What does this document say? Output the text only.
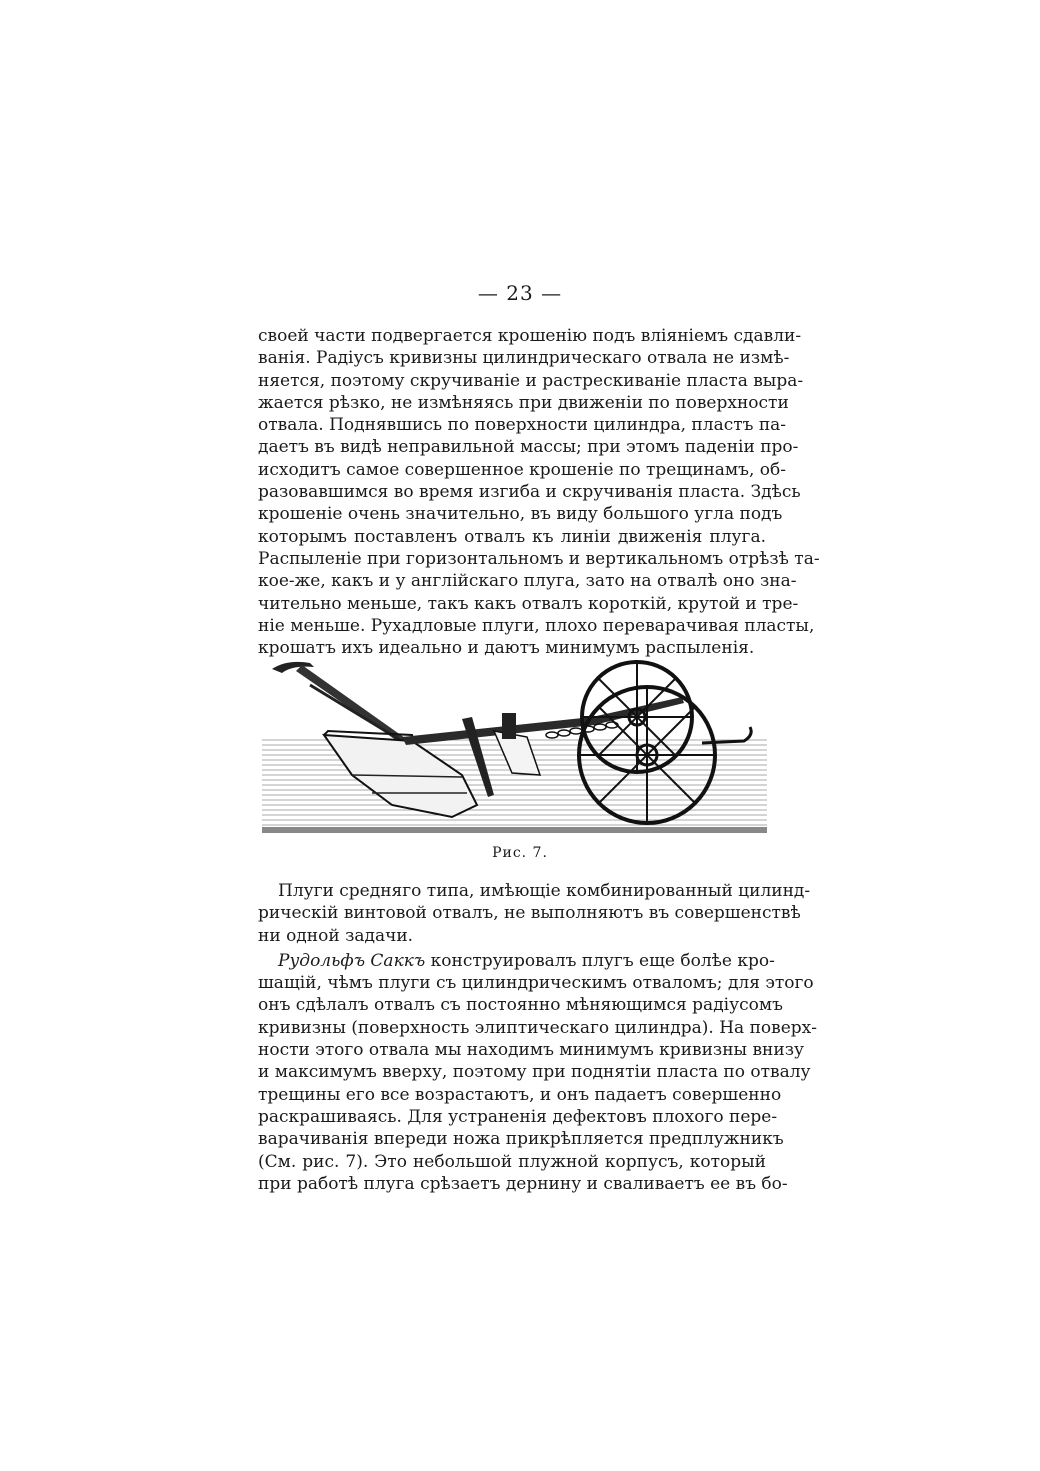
— 23 —
своей части подвергается крошенію подъ вліяніемъ сдавли-
ванія. Радіусъ кривизны цилиндрическаго отвала не измѣ-
няется, поэтому скручиваніе и растрескиваніе пласта выра-
жается рѣзко, не измѣняясь при движеніи по поверхности
отвала. Поднявшись по поверхности цилиндра, пластъ па-
даетъ въ видѣ неправильной массы; при этомъ паденіи про-
исходитъ самое совершенное крошеніе по трещинамъ, об-
разовавшимся во время изгиба и скручиванія пласта. Здѣсь
крошеніе очень значительно, въ виду большого угла подъ
которымъ поставленъ отвалъ къ линіи движенія плуга.
Распыленіе при горизонтальномъ и вертикальномъ отрѣзѣ та-
кое-же, какъ и у англійскаго плуга, зато на отвалѣ оно зна-
чительно меньше, такъ какъ отвалъ короткій, крутой и тре-
ніе меньше. Рухадловые плуги, плохо переварачивая пласты,
крошатъ ихъ идеально и даютъ минимумъ распыленія.
Рис. 7.

Плуги средняго типа, имѣющіе комбинированный цилинд-
рическій винтовой отвалъ, не выполняютъ въ совершенствѣ
ни одной задачи.

Рудольфъ Саккъ конструировалъ плугъ еще болѣе кро-
шащій, чѣмъ плуги съ цилиндрическимъ отваломъ; для этого
онъ сдѣлалъ отвалъ съ постоянно мѣняющимся радіусомъ
кривизны (поверхность элиптическаго цилиндра). На поверх-
ности этого отвала мы находимъ минимумъ кривизны внизу
и максимумъ вверху, поэтому при поднятіи пласта по отвалу
трещины его все возрастаютъ, и онъ падаетъ совершенно
раскрашиваясь. Для устраненія дефектовъ плохого пере-
варачиванія впереди ножа прикрѣпляется предплужникъ
(См. рис. 7). Это небольшой плужной корпусъ, который
при работѣ плуга срѣзаетъ дернину и сваливаетъ ее въ бо-
